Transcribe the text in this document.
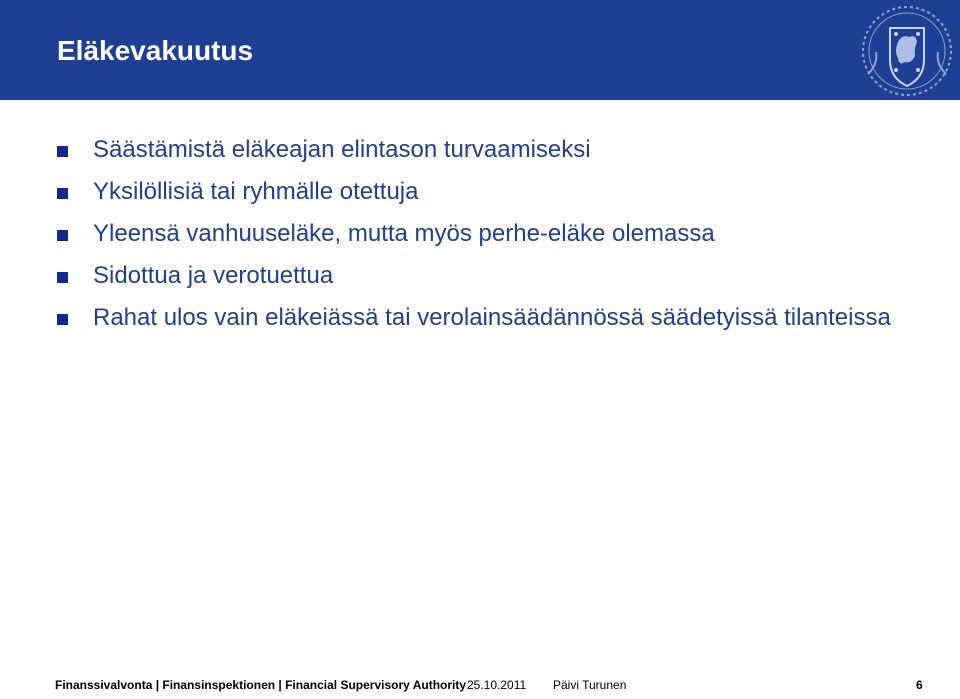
Eläkevakuutus
Säästämistä eläkeajan elintason turvaamiseksi
Yksilöllisiä tai ryhmälle otettuja
Yleensä vanhuuseläke, mutta myös perhe-eläke olemassa
Sidottua ja verotuettua
Rahat ulos vain eläkeiässä tai verolainsäädännössä säädetyissä tilanteissa
Finanssivalvonta | Finansinspektionen | Financial Supervisory Authority 25.10.2011 Päivi Turunen	6
